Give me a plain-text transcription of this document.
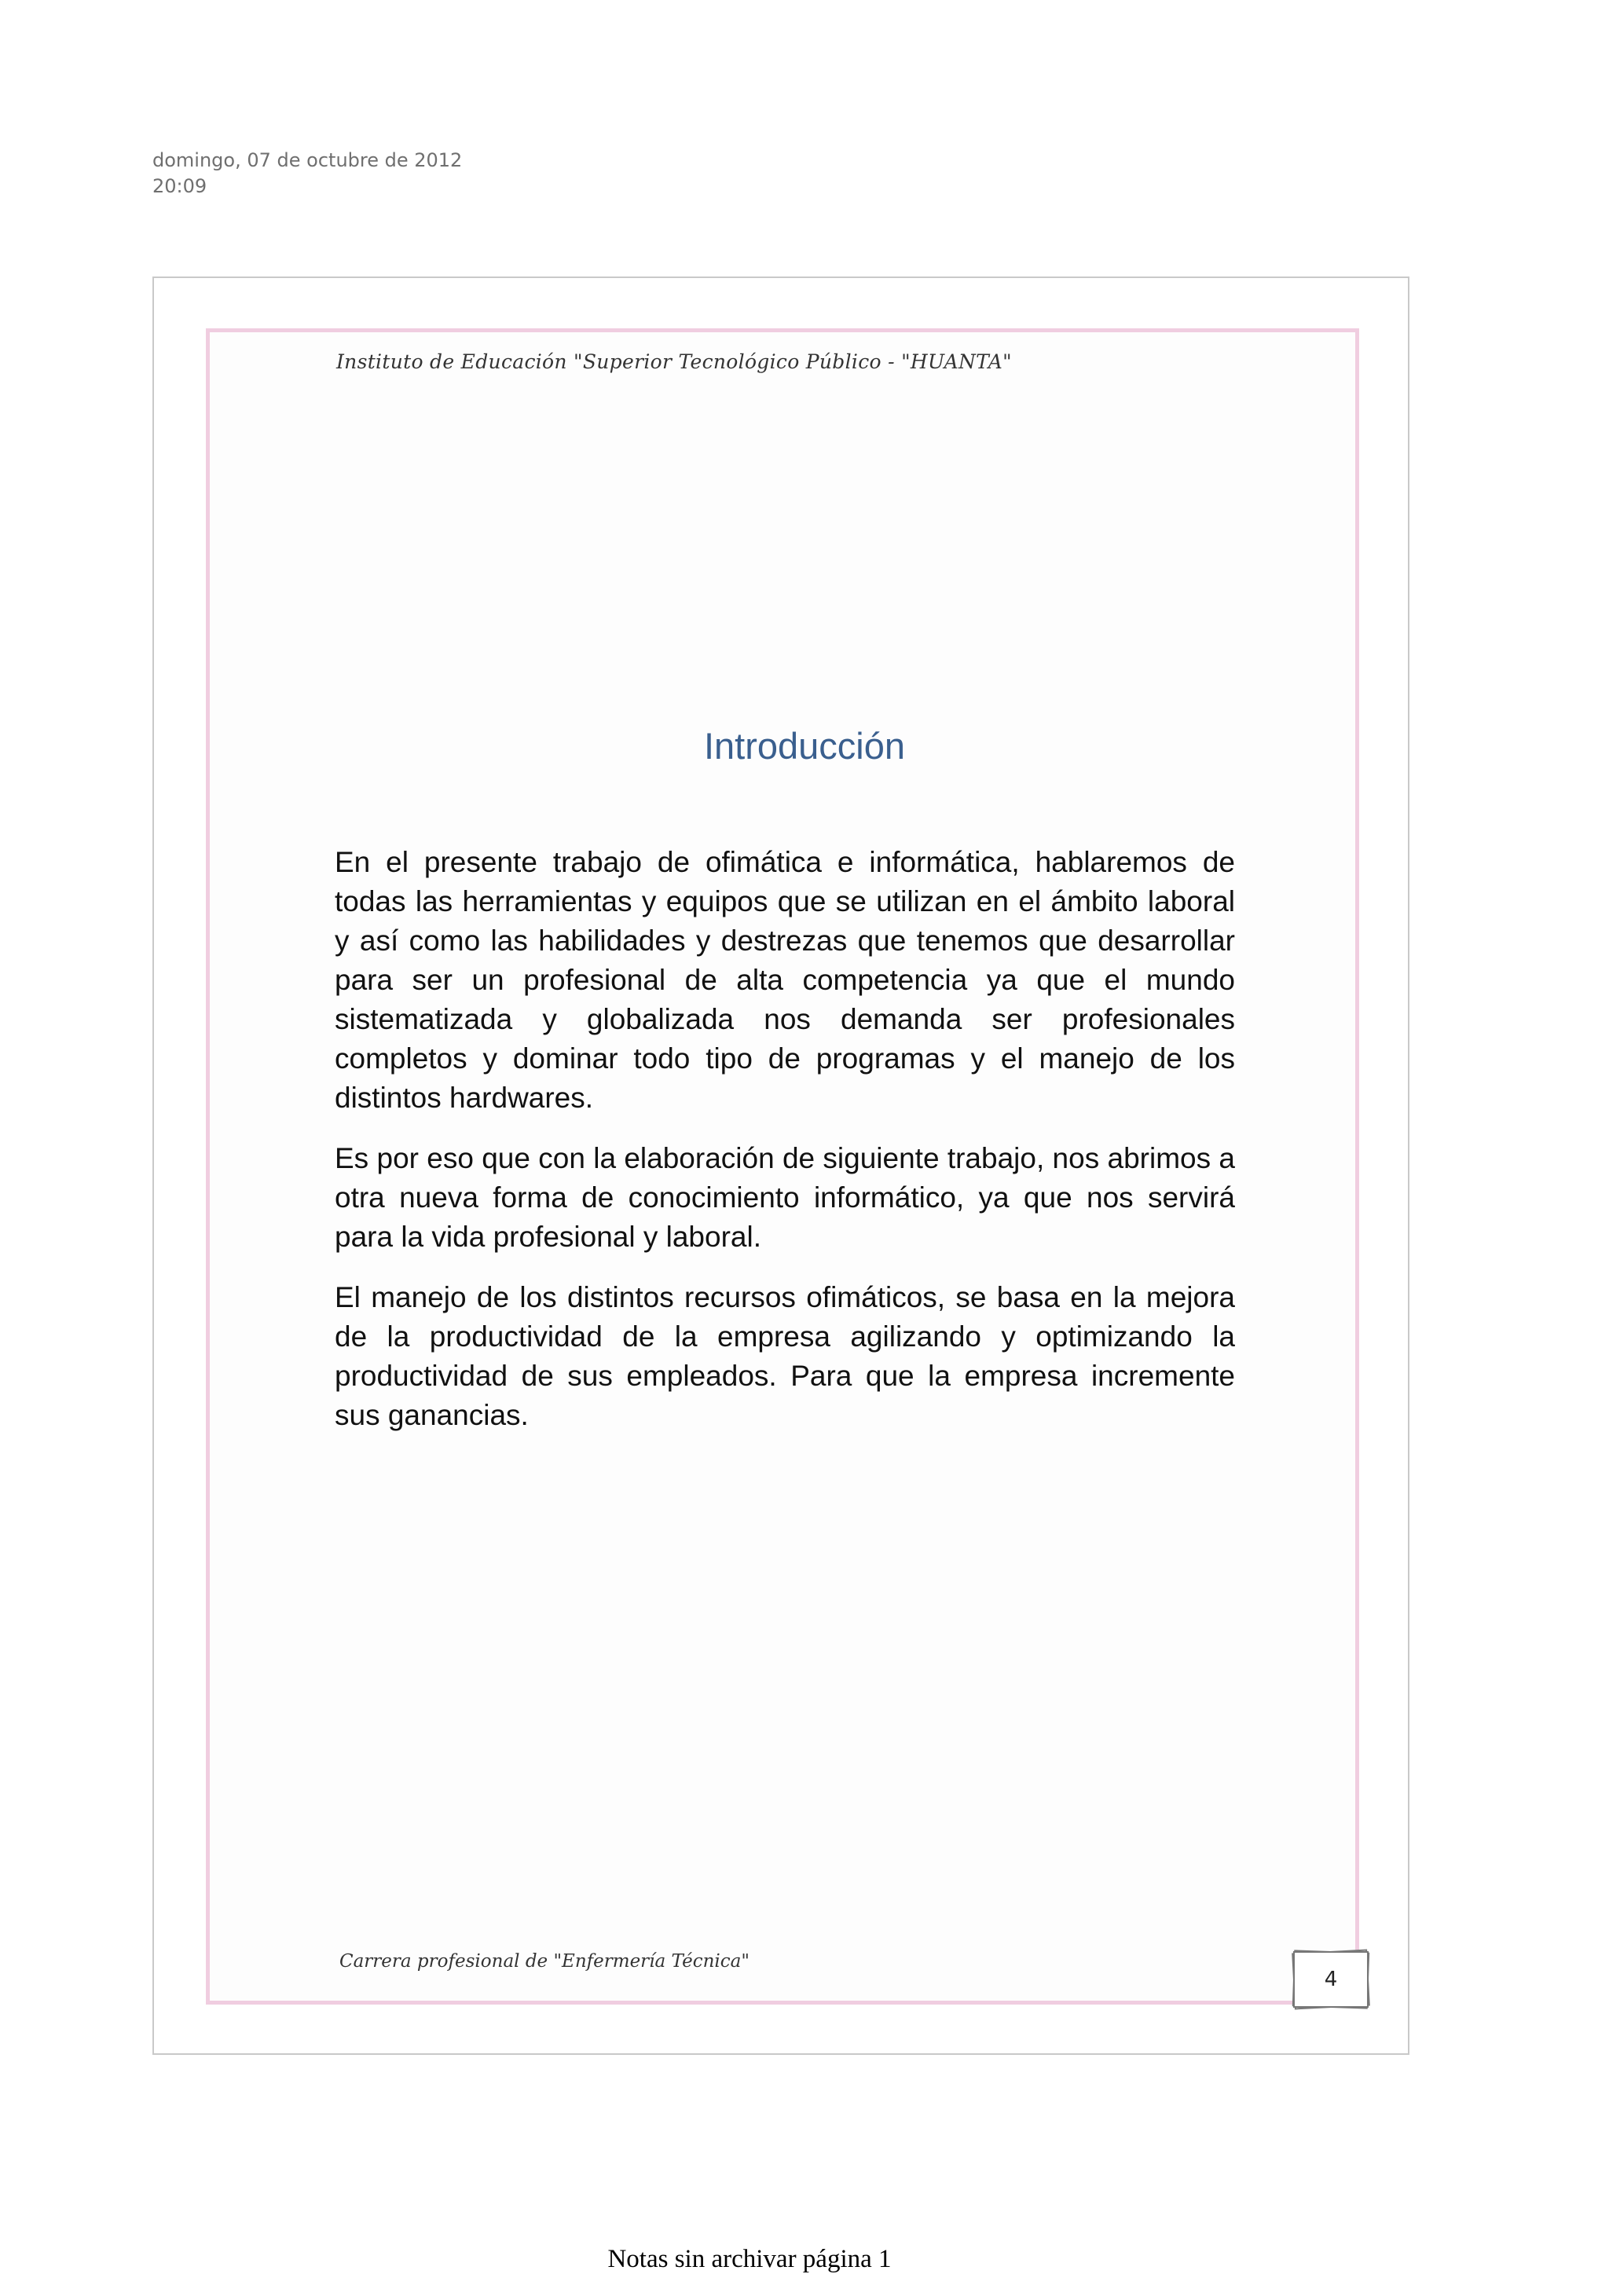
domingo, 07 de octubre de 2012
20:09
Instituto de Educación "Superior Tecnológico Público - "HUANTA"
Introducción

En el presente trabajo de ofimática e informática, hablaremos de todas las herramientas y equipos que se utilizan en el ámbito laboral y así como las habilidades y destrezas que tenemos que desarrollar para ser un profesional de alta competencia ya que el mundo sistematizada y globalizada nos demanda ser profesionales completos y dominar todo tipo de programas y el manejo de los distintos hardwares.

Es por eso que con la elaboración de siguiente trabajo, nos abrimos a otra nueva forma de conocimiento informático, ya que nos servirá para la vida profesional y laboral.

El manejo de los distintos recursos ofimáticos, se basa en la mejora de la productividad de la empresa agilizando y optimizando la productividad de sus empleados. Para que la empresa incremente sus ganancias.

Carrera profesional de "Enfermería Técnica"
4
Notas sin archivar página 1
